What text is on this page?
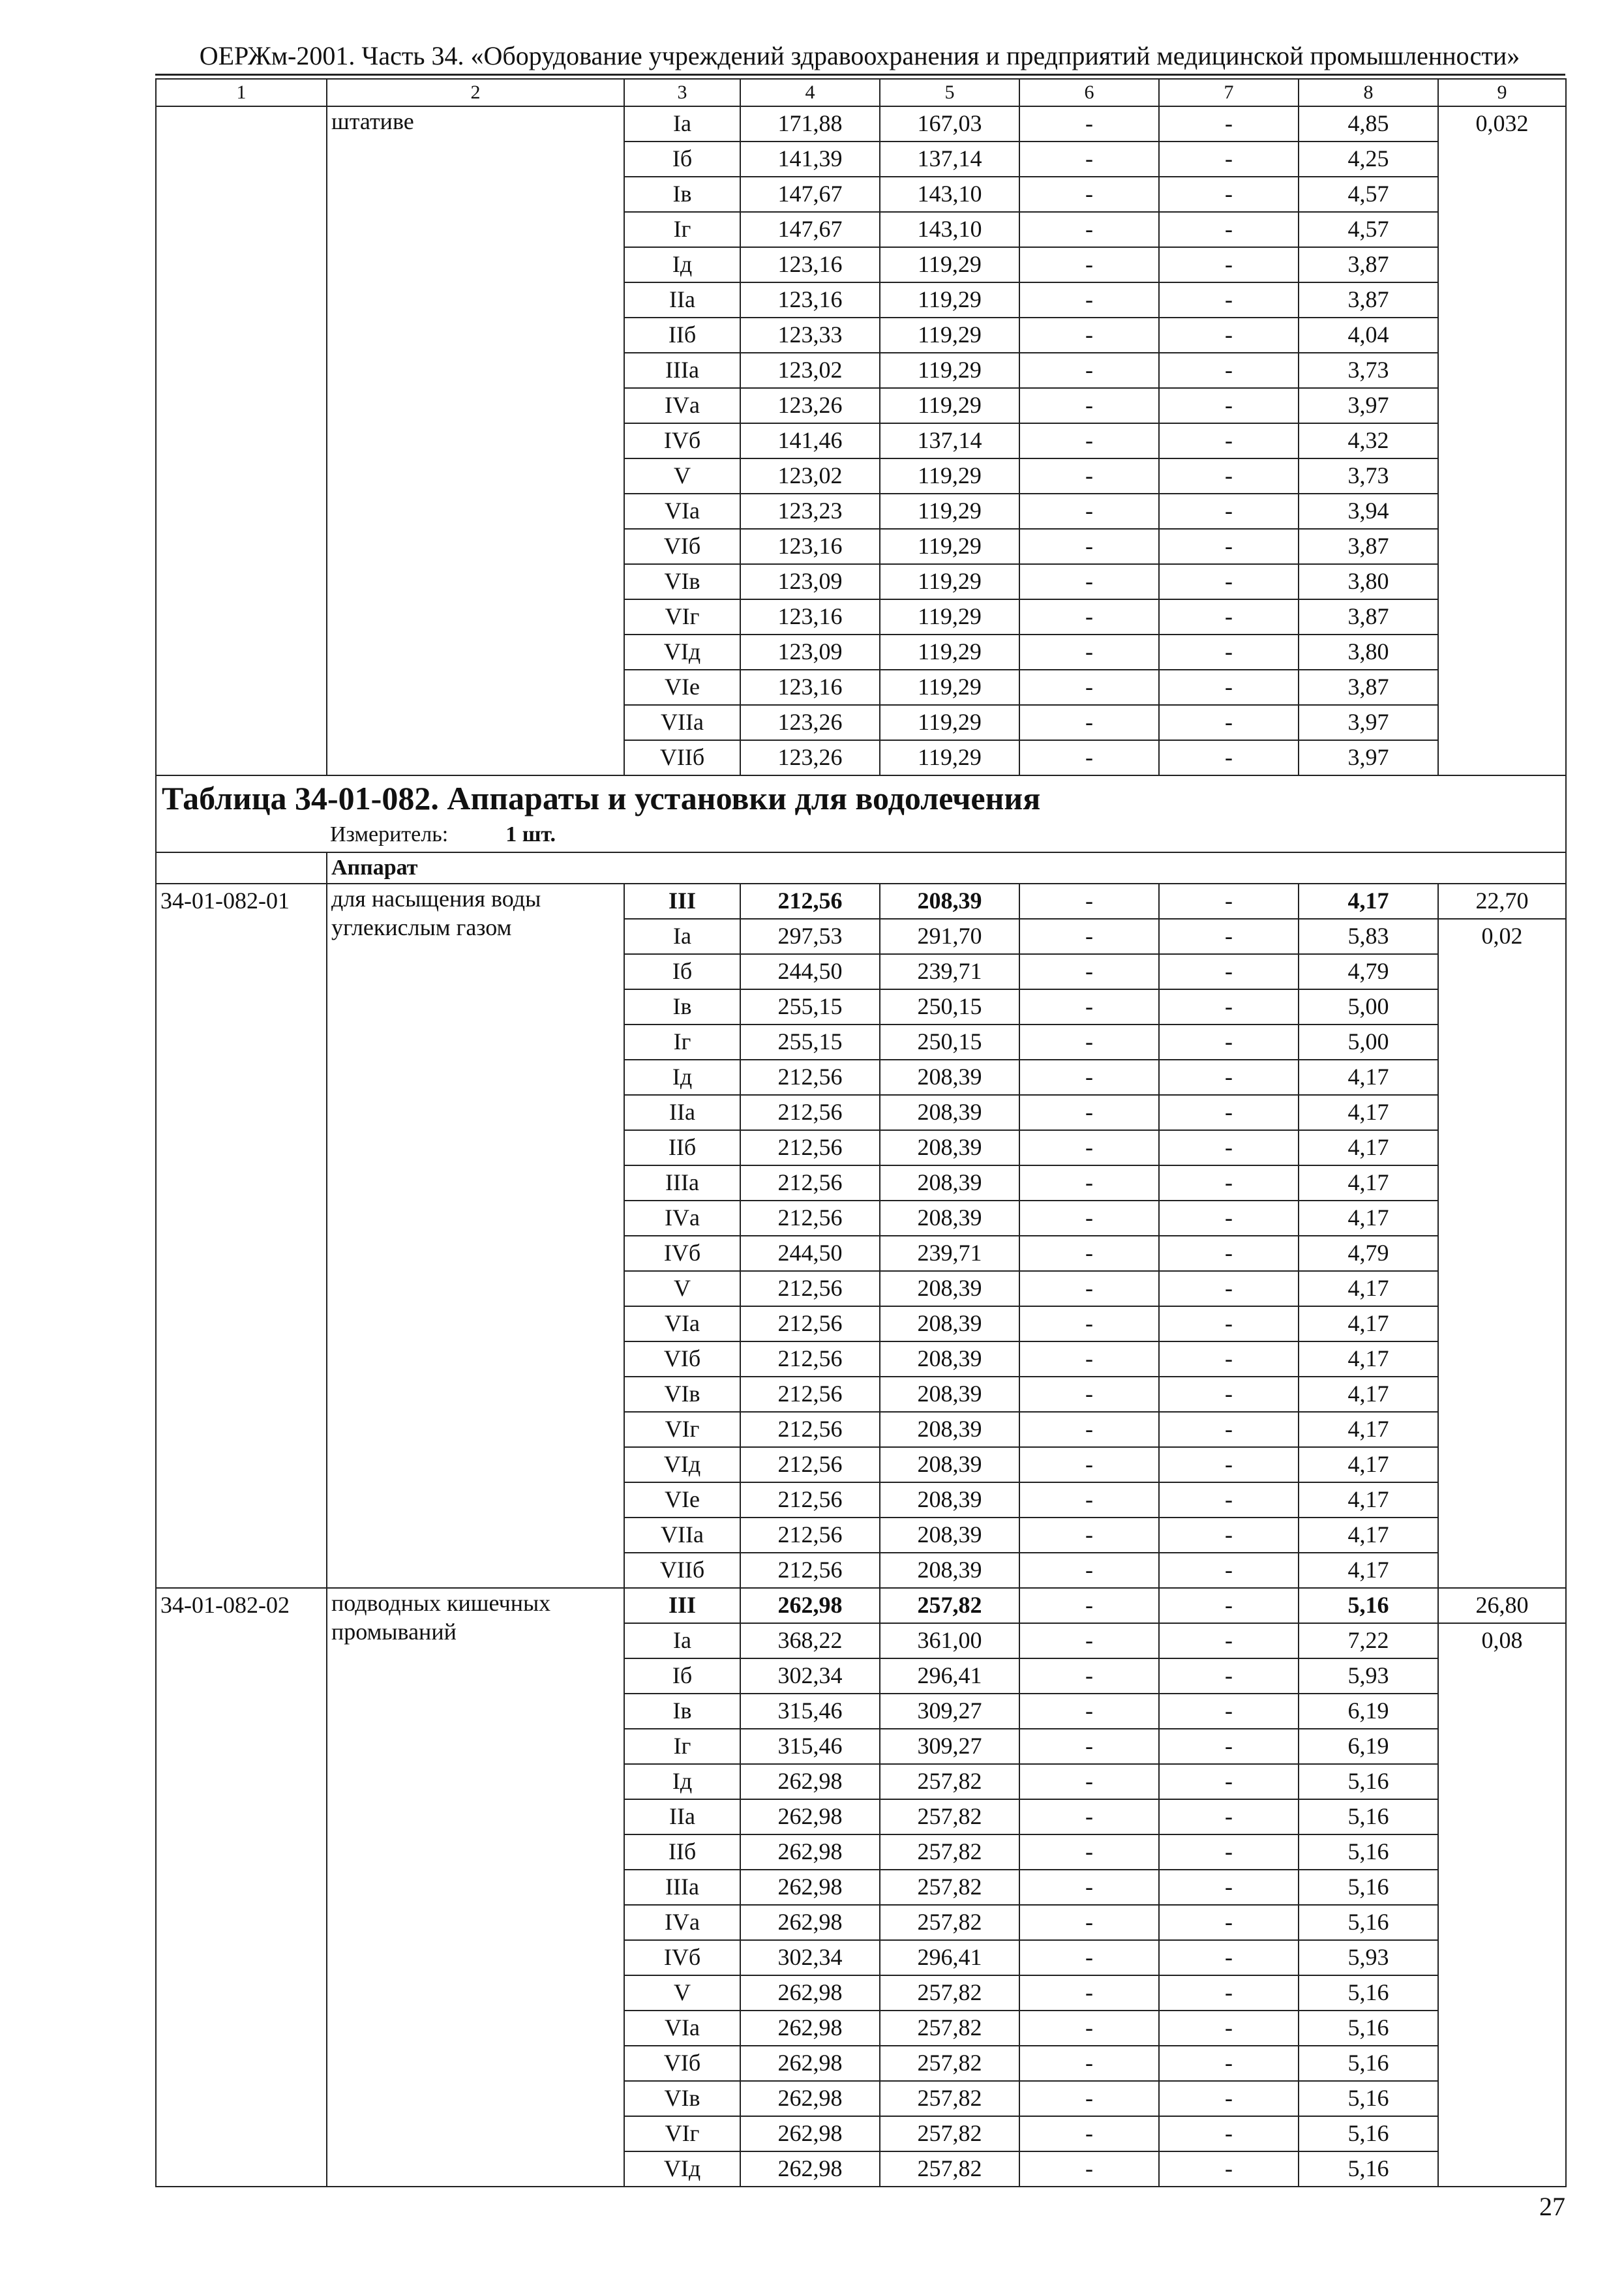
ОЕРЖм-2001. Часть 34. «Оборудование учреждений здравоохранения и предприятий медицинской промышленности»
1	2	3	4	5	6	7	8	9
	штативе	Iа	171,88	167,03	-	-	4,85	0,032
		Iб	141,39	137,14	-	-	4,25	
		Iв	147,67	143,10	-	-	4,57	
		Iг	147,67	143,10	-	-	4,57	
		Iд	123,16	119,29	-	-	3,87	
		IIа	123,16	119,29	-	-	3,87	
		IIб	123,33	119,29	-	-	4,04	
		IIIа	123,02	119,29	-	-	3,73	
		IVа	123,26	119,29	-	-	3,97	
		IVб	141,46	137,14	-	-	4,32	
		V	123,02	119,29	-	-	3,73	
		VIа	123,23	119,29	-	-	3,94	
		VIб	123,16	119,29	-	-	3,87	
		VIв	123,09	119,29	-	-	3,80	
		VIг	123,16	119,29	-	-	3,87	
		VIд	123,09	119,29	-	-	3,80	
		VIе	123,16	119,29	-	-	3,87	
		VIIа	123,26	119,29	-	-	3,97	
		VIIб	123,26	119,29	-	-	3,97	

Таблица 34-01-082. Аппараты и установки для водолечения
Измеритель: 1 шт.								

	Аппарат							
34-01-082-01	для насыщения воды углекислым газом	III	212,56	208,39	-	-	4,17	22,70
		Iа	297,53	291,70	-	-	5,83	0,02
		Iб	244,50	239,71	-	-	4,79	
		Iв	255,15	250,15	-	-	5,00	
		Iг	255,15	250,15	-	-	5,00	
		Iд	212,56	208,39	-	-	4,17	
		IIа	212,56	208,39	-	-	4,17	
		IIб	212,56	208,39	-	-	4,17	
		IIIа	212,56	208,39	-	-	4,17	
		IVа	212,56	208,39	-	-	4,17	
		IVб	244,50	239,71	-	-	4,79	
		V	212,56	208,39	-	-	4,17	
		VIа	212,56	208,39	-	-	4,17	
		VIб	212,56	208,39	-	-	4,17	
		VIв	212,56	208,39	-	-	4,17	
		VIг	212,56	208,39	-	-	4,17	
		VIд	212,56	208,39	-	-	4,17	
		VIе	212,56	208,39	-	-	4,17	
		VIIа	212,56	208,39	-	-	4,17	
		VIIб	212,56	208,39	-	-	4,17	
34-01-082-02	подводных кишечных промываний	III	262,98	257,82	-	-	5,16	26,80
		Iа	368,22	361,00	-	-	7,22	0,08
		Iб	302,34	296,41	-	-	5,93	
		Iв	315,46	309,27	-	-	6,19	
		Iг	315,46	309,27	-	-	6,19	
		Iд	262,98	257,82	-	-	5,16	
		IIа	262,98	257,82	-	-	5,16	
		IIб	262,98	257,82	-	-	5,16	
		IIIа	262,98	257,82	-	-	5,16	
		IVа	262,98	257,82	-	-	5,16	
		IVб	302,34	296,41	-	-	5,93	
		V	262,98	257,82	-	-	5,16	
		VIа	262,98	257,82	-	-	5,16	
		VIб	262,98	257,82	-	-	5,16	
		VIв	262,98	257,82	-	-	5,16	
		VIг	262,98	257,82	-	-	5,16	
		VIд	262,98	257,82	-	-	5,16	
27
